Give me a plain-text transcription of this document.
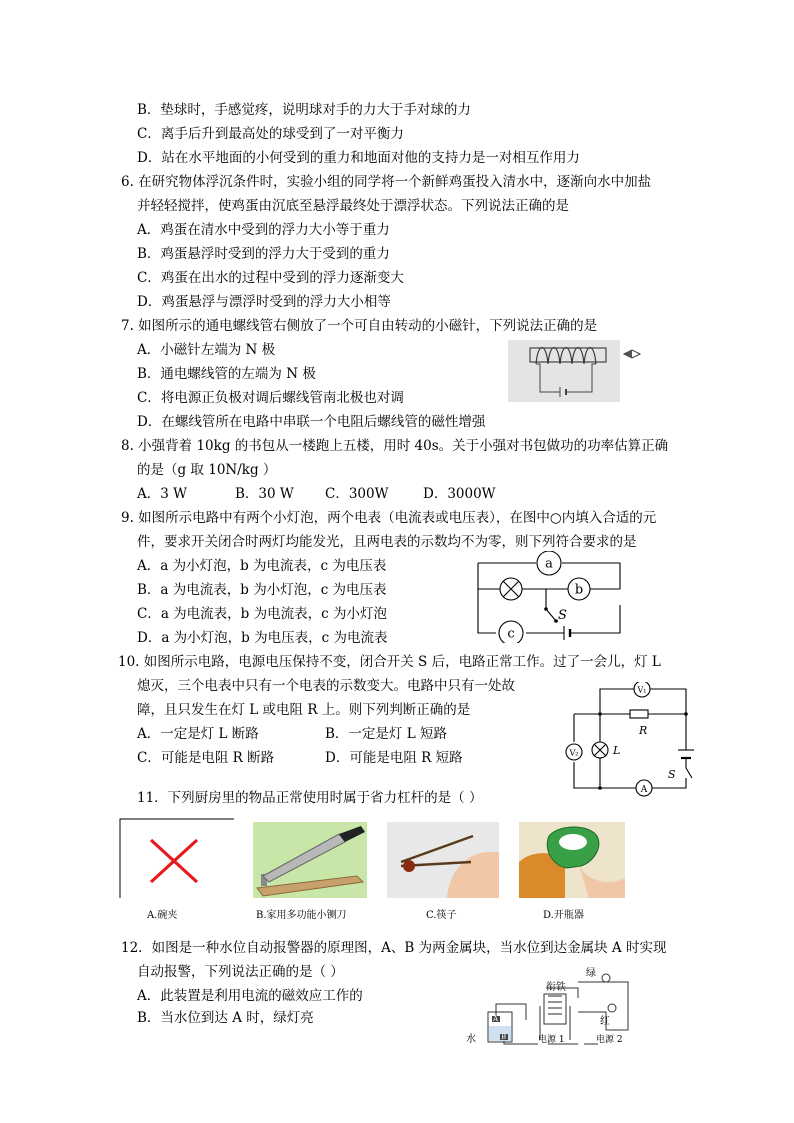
B．垫球时，手感觉疼，说明球对手的力大于手对球的力
C．离手后升到最高处的球受到了一对平衡力
D．站在水平地面的小何受到的重力和地面对他的支持力是一对相互作用力
6. 在研究物体浮沉条件时，实验小组的同学将一个新鲜鸡蛋投入清水中，逐渐向水中加盐
并轻轻搅拌，使鸡蛋由沉底至悬浮最终处于漂浮状态。下列说法正确的是
A．鸡蛋在清水中受到的浮力大小等于重力
B．鸡蛋悬浮时受到的浮力大于受到的重力
C．鸡蛋在出水的过程中受到的浮力逐渐变大
D．鸡蛋悬浮与漂浮时受到的浮力大小相等
7. 如图所示的通电螺线管右侧放了一个可自由转动的小磁针，下列说法正确的是
A．小磁针左端为 N 极
B．通电螺线管的左端为 N 极
C．将电源正负极对调后螺线管南北极也对调
D．在螺线管所在电路中串联一个电阻后螺线管的磁性增强
8. 小强背着 10kg 的书包从一楼跑上五楼，用时 40s。关于小强对书包做功的功率估算正确
的是（g 取 10N/kg ）
A．3 W	B．30 W C．300W	D．3000W
9. 如图所示电路中有两个小灯泡，两个电表（电流表或电压表），在图中○内填入合适的元
件，要求开关闭合时两灯均能发光，且两电表的示数均不为零，则下列符合要求的是
A．a 为小灯泡，b 为电流表，c 为电压表
B．a 为电流表，b 为小灯泡，c 为电压表
C．a 为电流表，b 为电流表，c 为小灯泡
D．a 为小灯泡，b 为电压表，c 为电流表
a
b
c
S
10. 如图所示电路，电源电压保持不变，闭合开关 S 后，电路正常工作。过了一会儿，灯 L
熄灭，三个电表中只有一个电表的示数变大。电路中只有一处故
障，且只发生在灯 L 或电阻 R 上。则下列判断正确的是
A．一定是灯 L 断路	B．一定是灯 L 短路
C．可能是电阻 R 断路	D．可能是电阻 R 短路
V₁
R
V₂	L
S
A
11．下列厨房里的物品正常使用时属于省力杠杆的是（ ）
A.碗夹	B.家用多功能小铡刀	C.筷子	D.开瓶器
12．如图是一种水位自动报警器的原理图，A、B 为两金属块，当水位到达金属块 A 时实现
自动报警，下列说法正确的是（ ）
A．此装置是利用电流的磁效应工作的
B．当水位到达 A 时，绿灯亮
绿
红
衔铁
水
A
B	电源 1	电源 2
